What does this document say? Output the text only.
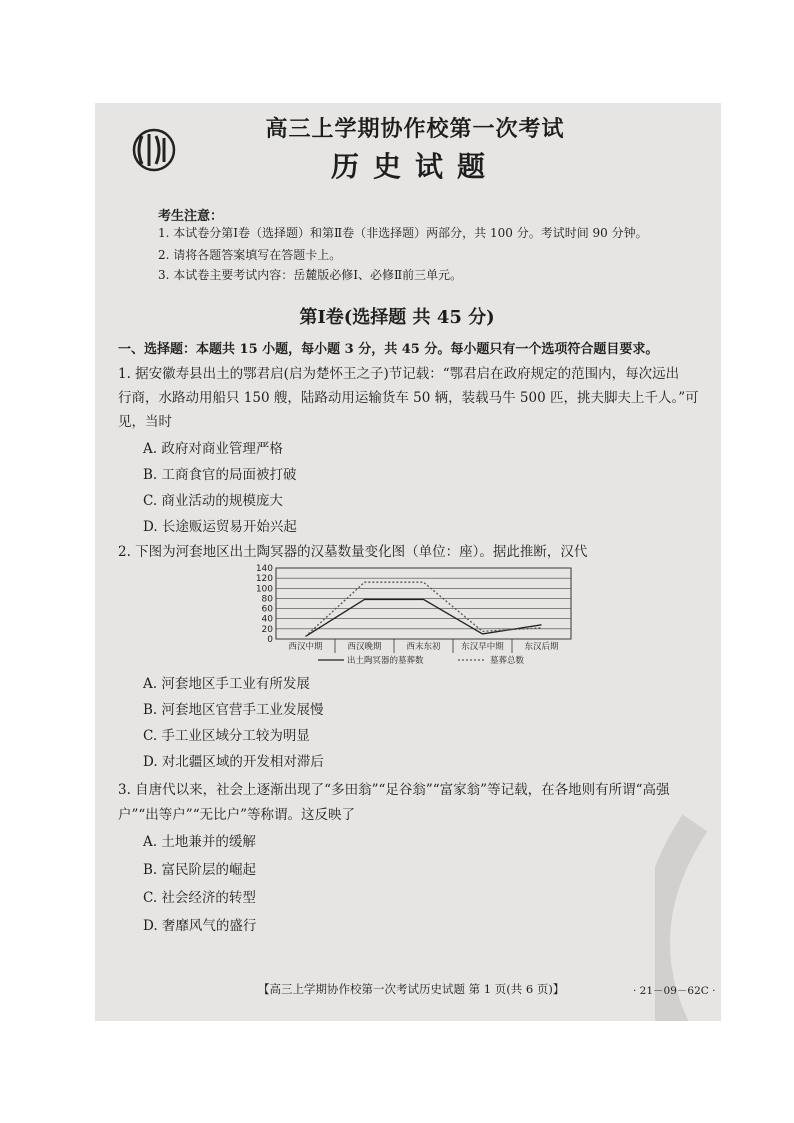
高三上学期协作校第一次考试
历史试题
考生注意：
1. 本试卷分第Ⅰ卷（选择题）和第Ⅱ卷（非选择题）两部分，共 100 分。考试时间 90 分钟。
2. 请将各题答案填写在答题卡上。
3. 本试卷主要考试内容：岳麓版必修Ⅰ、必修Ⅱ前三单元。
第Ⅰ卷(选择题 共 45 分)
一、选择题：本题共 15 小题，每小题 3 分，共 45 分。每小题只有一个选项符合题目要求。
1. 据安徽寿县出土的鄂君启(启为楚怀王之子)节记载：“鄂君启在政府规定的范围内，每次远出
行商，水路动用船只 150 艘，陆路动用运输货车 50 辆，装载马牛 500 匹，挑夫脚夫上千人。”可
见，当时
A. 政府对商业管理严格
B. 工商食官的局面被打破
C. 商业活动的规模庞大
D. 长途贩运贸易开始兴起
2. 下图为河套地区出土陶冥器的汉墓数量变化图（单位：座）。据此推断，汉代
0
20
40
60
80
100
120
140
西汉中期	西汉晚期	西末东初 东汉早中期 东汉后期
出土陶冥器的墓葬数	墓葬总数
A. 河套地区手工业有所发展
B. 河套地区官营手工业发展慢
C. 手工业区域分工较为明显
D. 对北疆区域的开发相对滞后
3. 自唐代以来，社会上逐渐出现了“多田翁”“足谷翁”“富家翁”等记载，在各地则有所谓“高强
户”“出等户”“无比户”等称谓。这反映了
A. 土地兼并的缓解
B. 富民阶层的崛起
C. 社会经济的转型
D. 奢靡风气的盛行
【高三上学期协作校第一次考试历史试题 第 1 页(共 6 页)】	· 21－09－62C ·
